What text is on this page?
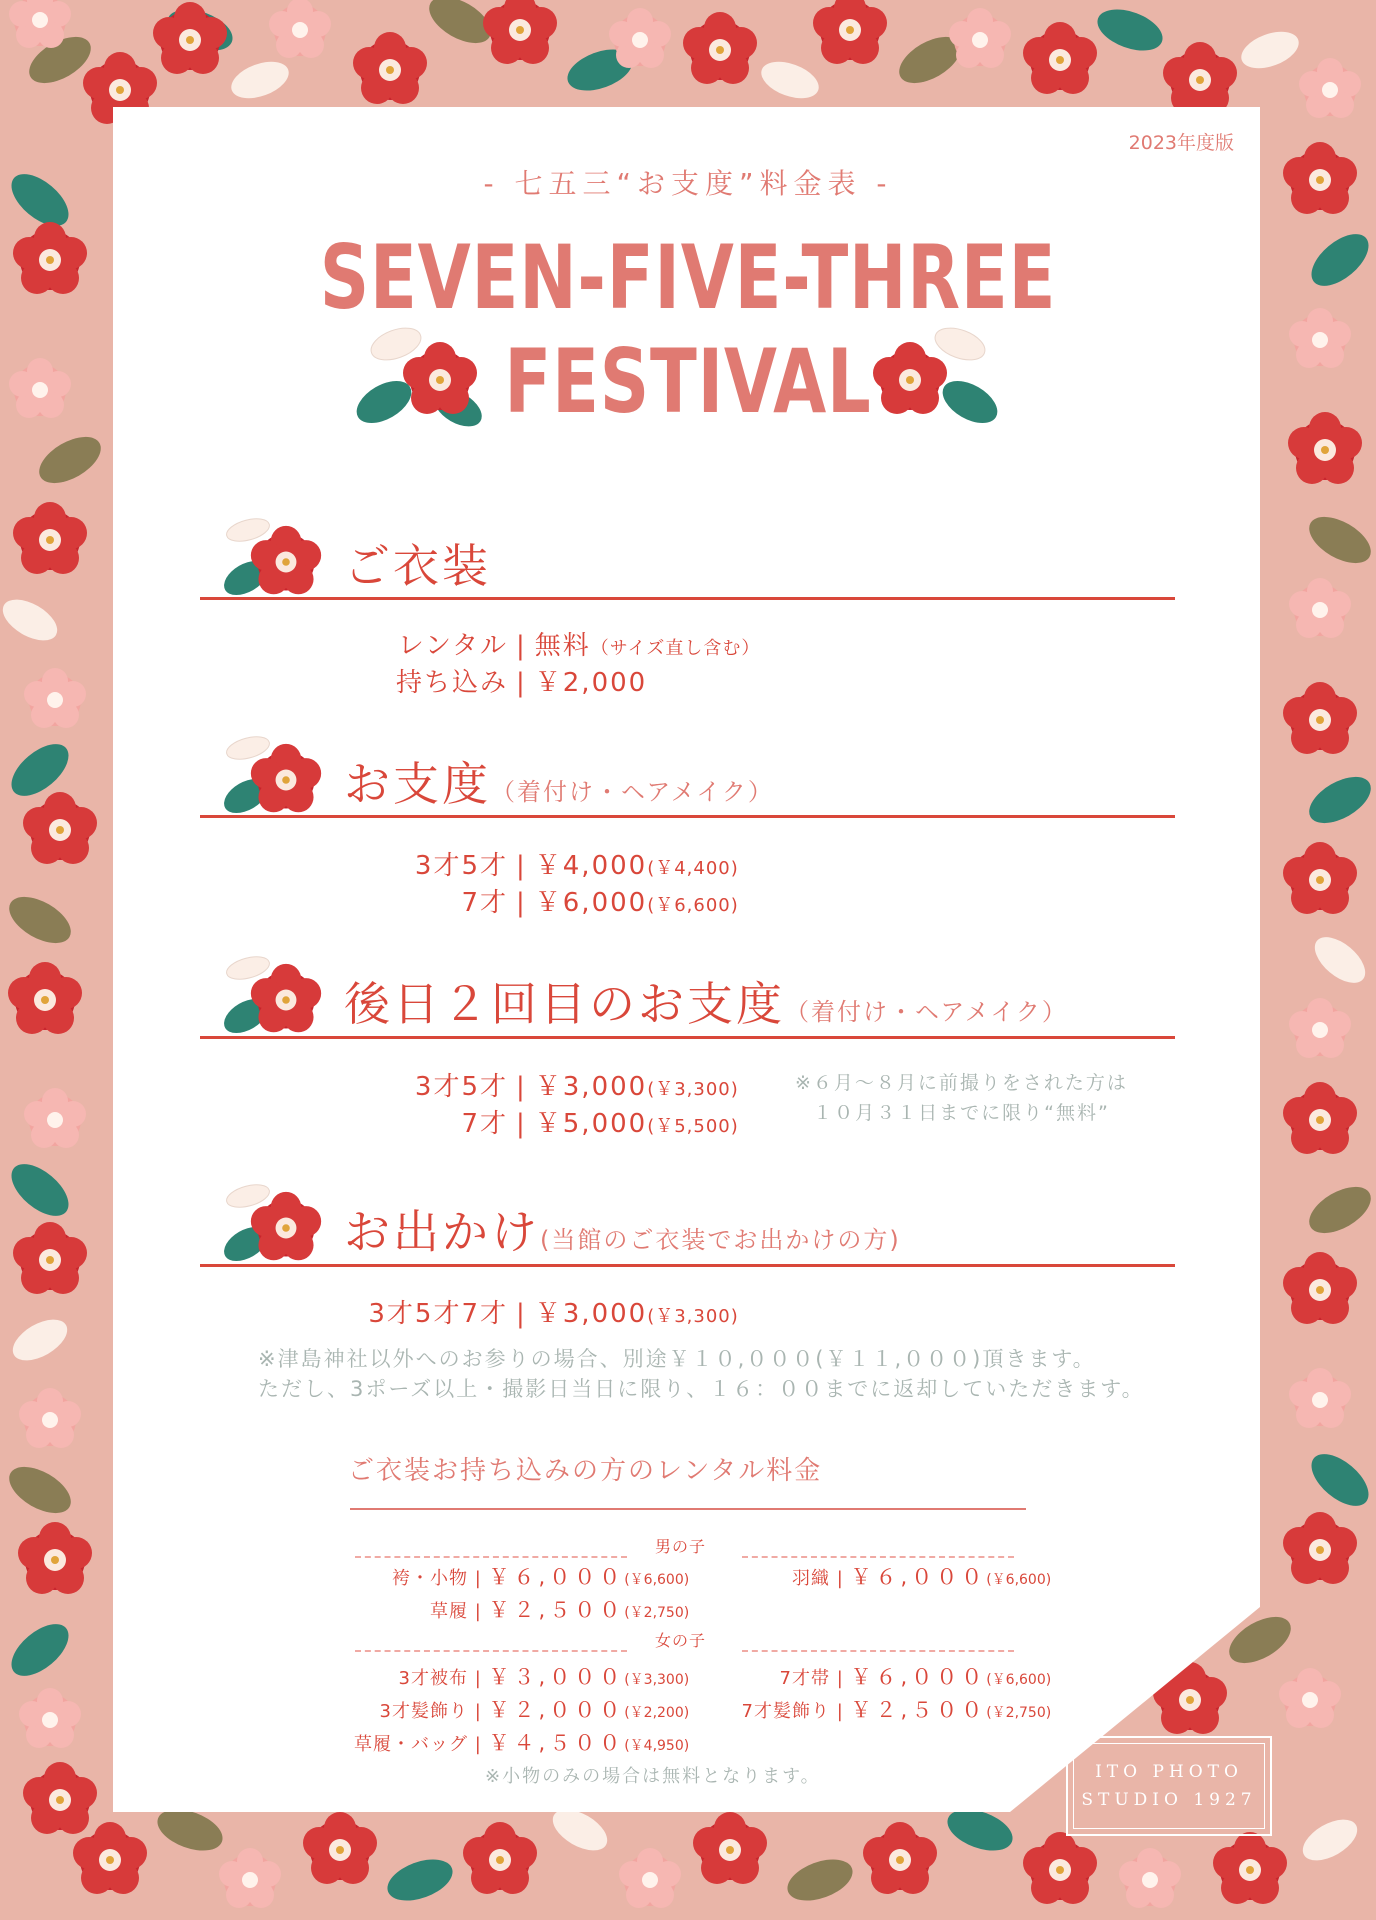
2023年度版
- 七五三“お支度”料金表 -
SEVEN-FIVE-THREE
FESTIVAL
ご衣装
レンタル | 無料（サイズ直し含む）
持ち込み | ￥2,000
お支度（着付け・ヘアメイク）
3才5才 | ￥4,000(￥4,400)
7才 | ￥6,000(￥6,600)
後日２回目のお支度（着付け・ヘアメイク）
3才5才 | ￥3,000(￥3,300)
7才 | ￥5,000(￥5,500)
※６月～８月に前撮りをされた方は
１０月３１日までに限り“無料”
お出かけ(当館のご衣装でお出かけの方)
3才5才7才 | ￥3,000(￥3,300)
※津島神社以外へのお参りの場合、別途￥１０,０００(￥１１,０００)頂きます。
ただし、3ポーズ以上・撮影日当日に限り、１６：００までに返却していただきます。
ご衣装お持ち込みの方のレンタル料金
男の子
袴・小物 | ￥６,０００(￥6,600)
草履 | ￥２,５００(￥2,750)
羽織 | ￥６,０００(￥6,600)
女の子
3才被布 | ￥３,０００(￥3,300)
3才髪飾り | ￥２,０００(￥2,200)
草履・バッグ | ￥４,５００(￥4,950)
7才帯 | ￥６,０００(￥6,600)
7才髪飾り | ￥２,５００(￥2,750)
※小物のみの場合は無料となります。	ITO PHOTO
STUDIO 1927
